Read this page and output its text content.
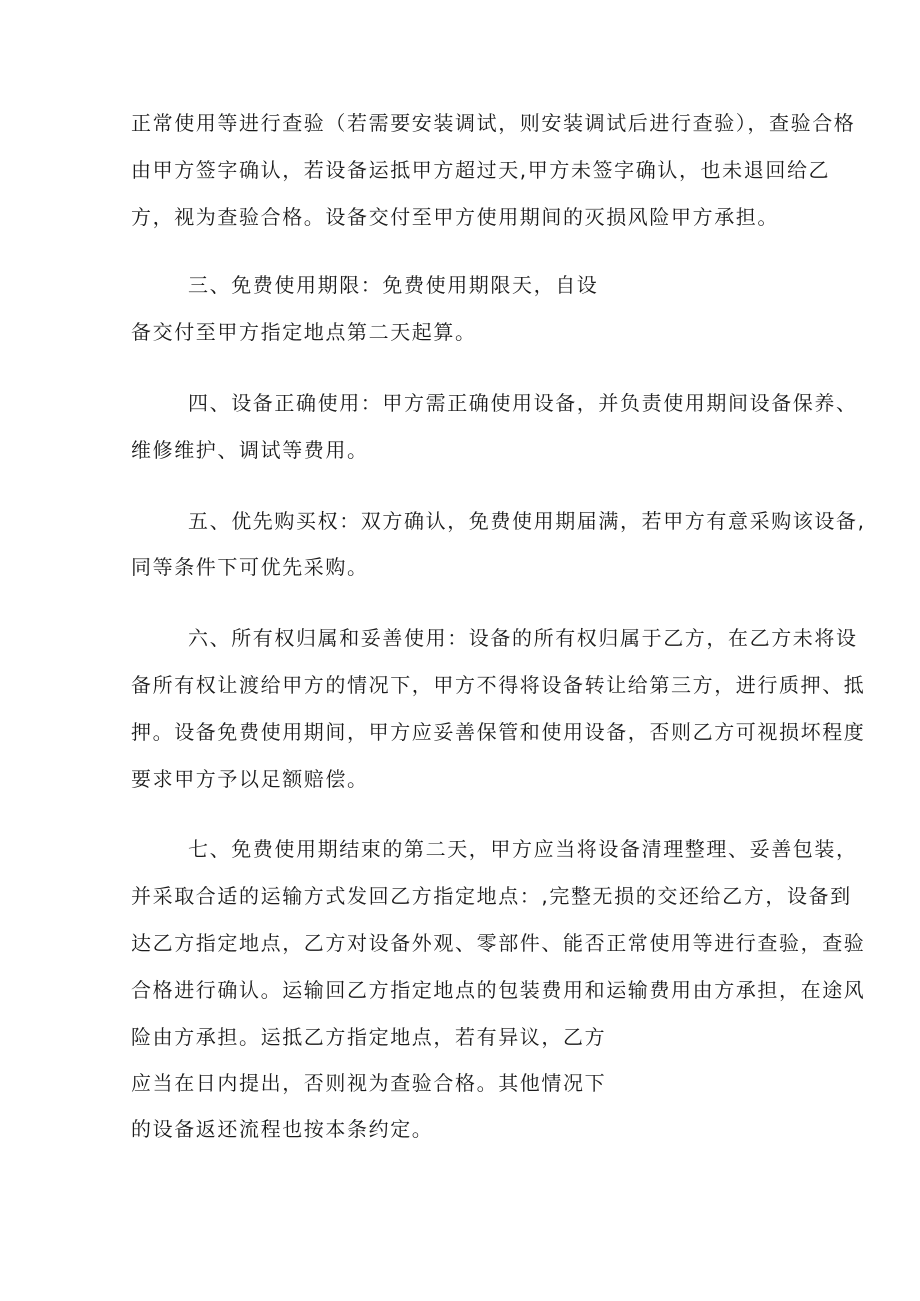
正常使用等进行查验（若需要安装调试，则安装调试后进行查验），查验合格
由甲方签字确认，若设备运抵甲方超过天,甲方未签字确认，也未退回给乙
方，视为查验合格。设备交付至甲方使用期间的灭损风险甲方承担。
三、免费使用期限：免费使用期限天，自设
备交付至甲方指定地点第二天起算。
四、设备正确使用：甲方需正确使用设备，并负责使用期间设备保养、
维修维护、调试等费用。
五、优先购买权：双方确认，免费使用期届满，若甲方有意采购该设备,
同等条件下可优先采购。
六、所有权归属和妥善使用：设备的所有权归属于乙方，在乙方未将设
备所有权让渡给甲方的情况下，甲方不得将设备转让给第三方，进行质押、抵
押。设备免费使用期间，甲方应妥善保管和使用设备，否则乙方可视损坏程度
要求甲方予以足额赔偿。
七、免费使用期结束的第二天，甲方应当将设备清理整理、妥善包装，
并采取合适的运输方式发回乙方指定地点：,完整无损的交还给乙方，设备到
达乙方指定地点，乙方对设备外观、零部件、能否正常使用等进行查验，查验
合格进行确认。运输回乙方指定地点的包装费用和运输费用由方承担，在途风
险由方承担。运抵乙方指定地点，若有异议，乙方
应当在日内提出，否则视为查验合格。其他情况下
的设备返还流程也按本条约定。
